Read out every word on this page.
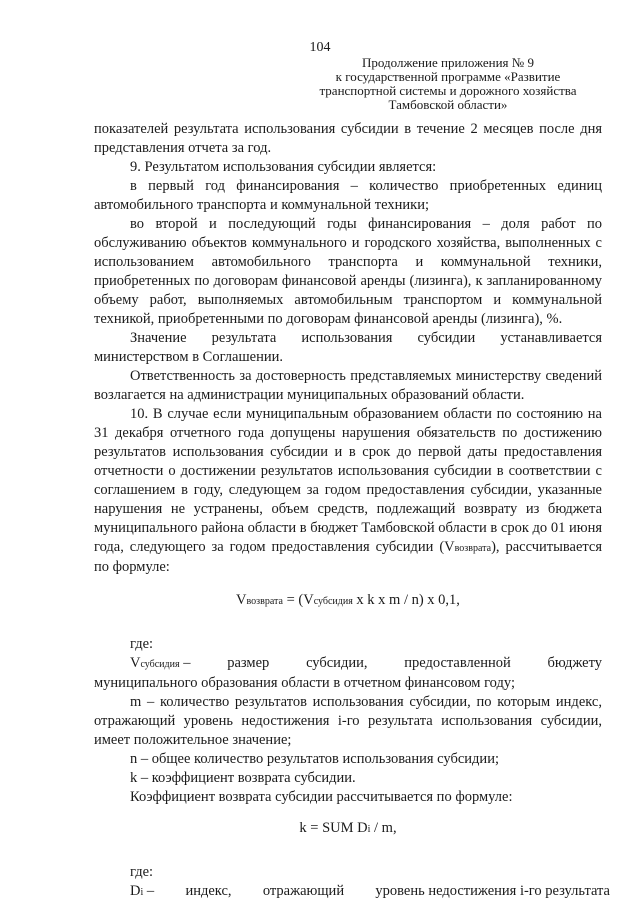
104
Продолжение приложения № 9
к государственной программе «Развитие
транспортной системы и дорожного хозяйства
Тамбовской области»

показателей результата использования субсидии в течение 2 месяцев после дня представления отчета за год.

9. Результатом использования субсидии является:

в первый год финансирования – количество приобретенных единиц автомобильного транспорта и коммунальной техники;

во второй и последующий годы финансирования – доля работ по обслуживанию объектов коммунального и городского хозяйства, выполненных с использованием автомобильного транспорта и коммунальной техники, приобретенных по договорам финансовой аренды (лизинга), к запланированному объему работ, выполняемых автомобильным транспортом и коммунальной техникой, приобретенными по договорам финансовой аренды (лизинга), %.

Значение результата использования субсидии устанавливается министерством в Соглашении.

Ответственность за достоверность представляемых министерству сведений возлагается на администрации муниципальных образований области.

10. В случае если муниципальным образованием области по состоянию на 31 декабря отчетного года допущены нарушения обязательств по достижению результатов использования субсидии и в срок до первой даты предоставления отчетности о достижении результатов использования субсидии в соответствии с соглашением в году, следующем за годом предоставления субсидии, указанные нарушения не устранены, объем средств, подлежащий возврату из бюджета муниципального района области в бюджет Тамбовской области в срок до 01 июня года, следующего за годом предоставления субсидии (Vвозврата), рассчитывается по формуле:

Vвозврата = (Vсубсидия x k x m / n) x 0,1,

где:

Vсубсидия –	размер	субсидии,	предоставленной	бюджету

муниципального образования области в отчетном финансовом году;

m – количество результатов использования субсидии, по которым индекс, отражающий уровень недостижения i-го результата использования субсидии, имеет положительное значение;

n – общее количество результатов использования субсидии;

k – коэффициент возврата субсидии.

Коэффициент возврата субсидии рассчитывается по формуле:

k = SUM Di / m,

где:

Di – индекс, отражающий уровень недостижения i-го результата
